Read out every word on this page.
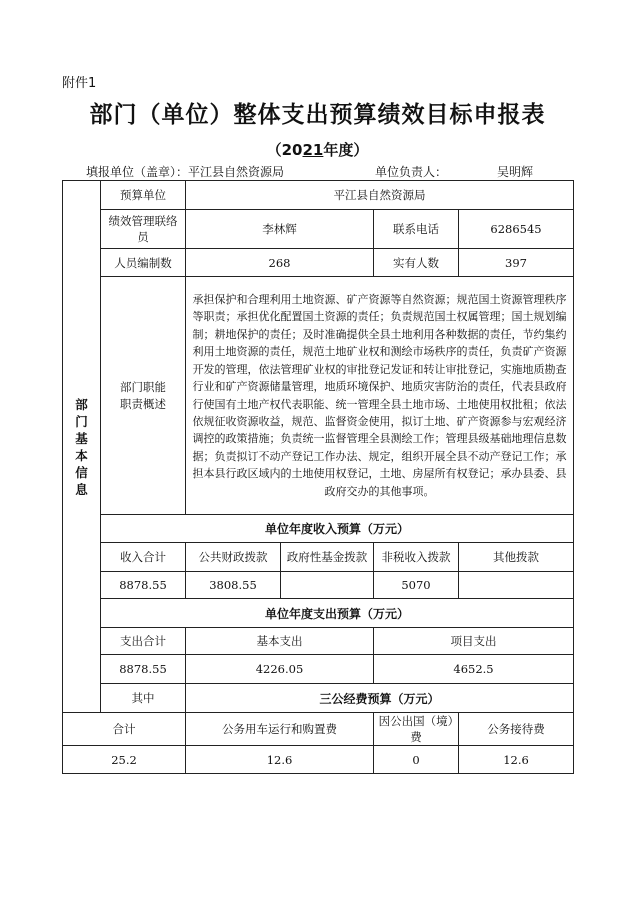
附件1
部门（单位）整体支出预算绩效目标申报表
（2021年度）
填报单位（盖章）：平江县自然资源局	单位负责人：	吴明辉
部门基本信息	预算单位	平江县自然资源局			
	绩效管理联络员	李林辉		联系电话	6286545
	人员编制数	268		实有人数	397
	部门职能职责概述	承担保护和合理利用土地资源、矿产资源等自然资源；规范国土资源管理秩序等职责；承担优化配置国土资源的责任；负责规范国土权属管理；国土规划编制；耕地保护的责任；及时准确提供全县土地利用各种数据的责任，节约集约利用土地资源的责任，规范土地矿业权和测绘市场秩序的责任，负责矿产资源开发的管理，依法管理矿业权的审批登记发证和转让审批登记，实施地质勘查行业和矿产资源储量管理，地质环境保护、地质灾害防治的责任，代表县政府行使国有土地产权代表职能、统一管理全县土地市场、土地使用权批租；依法依规征收资源收益，规范、监督资金使用，拟订土地、矿产资源参与宏观经济调控的政策措施；负责统一监督管理全县测绘工作；管理县级基础地理信息数据；负责拟订不动产登记工作办法、规定，组织开展全县不动产登记工作；承担本县行政区域内的土地使用权登记，土地、房屋所有权登记；承办县委、县政府交办的其他事项。			
	单位年度收入预算（万元）				
	收入合计	公共财政拨款	政府性基金拨款	非税收入拨款	其他拨款
	8878.55	3808.55		5070	
	单位年度支出预算（万元）				
	支出合计	基本支出		项目支出	
	8878.55	4226.05		4652.5	
	其中	三公经费预算（万元）			
合计		公务用车运行和购置费		因公出国（境）费	公务接待费
25.2		12.6		0	12.6
